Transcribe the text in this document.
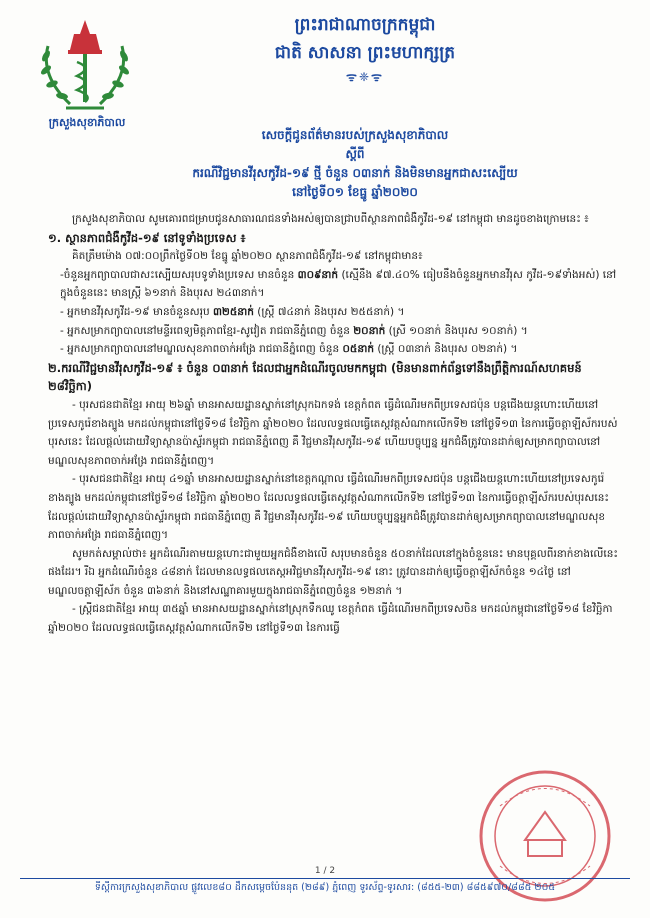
ក្រសួងសុខាភិបាល
ព្រះរាជាណាចក្រកម្ពុជា
ជាតិ សាសនា ព្រះមហាក្សត្រ
ᯤ❈ᯤ
សេចក្ដីជូនព័ត៌មានរបស់ក្រសួងសុខាភិបាល
ស្ដីពី
ករណីវិជ្ជមានវីរុសកូវីដ-១៩ ថ្មី ចំនួន ០៣នាក់ និងមិនមានអ្នកជាសះស្បើយ
នៅថ្ងៃទី០១ ខែធ្នូ ឆ្នាំ២០២០

ក្រសួងសុខាភិបាល សូមគោរពជម្រាបជូនសាធារណជនទាំងអស់ឲ្យបានជ្រាបពីស្ថានភាពជំងឺកូវីដ-១៩ នៅកម្ពុជា មានដូចខាងក្រោមនេះ ៖

១. ស្ថានភាពជំងឺកូវីដ-១៩ នៅទូទាំងប្រទេស ៖

គិតត្រឹមម៉ោង ០៧:០០ព្រឹកថ្ងៃទី០២ ខែធ្នូ ឆ្នាំ២០២០ ស្ថានភាពជំងឺកូវីដ-១៩ នៅកម្ពុជាមាន៖

-ចំនួនអ្នកព្យាបាលជាសះស្បើយសរុបទូទាំងប្រទេស មានចំនួន ៣០៩នាក់ (ស្មើនឹង ៩៧.៤០% ធៀបនឹងចំនួនអ្នកមានវីរុស កូវីដ-១៩ទាំងអស់) នៅក្នុងចំនួននេះ មានស្ត្រី ៦១នាក់ និងបុរស ២៤៣នាក់។

- អ្នកមានវីរុសកូវីដ-១៩ មានចំនួនសរុប ៣២៥នាក់ (ស្ត្រី ៧៤នាក់ និងបុរស ២៥៥នាក់) ។

- អ្នកសម្រាកព្យាបាលនៅមន្ទីរពេទ្យមិត្តភាពខ្មែរ-សូវៀត រាជធានីភ្នំពេញ ចំនួន ២០នាក់ (ស្រី ១០នាក់ និងបុរស ១០នាក់) ។

- អ្នកសម្រាកព្យាបាលនៅមណ្ឌលសុខភាពចាក់អង្រែ រាជធានីភ្នំពេញ ចំនួន ០៥នាក់ (ស្ត្រី ០៣នាក់ និងបុរស ០២នាក់) ។

២.ករណីវិជ្ជមានវីរុសកូវីដ-១៩ ៖ ចំនួន ០៣នាក់ ដែលជាអ្នកដំណើរចូលមកកម្ពុជា (មិនមានពាក់ព័ន្ធទៅនឹងព្រឹត្តិការណ៍សហគមន៍ ២៨វិច្ឆិកា)

- បុរសជនជាតិខ្មែរ អាយុ ២៦ឆ្នាំ មានអាសយដ្ឋានស្នាក់នៅស្រុកឯកទង់ ខេត្តកំពត ធ្វើដំណើរមកពីប្រទេសជប៉ុន បន្តជើងយន្តហោះហើយនៅប្រទេសកូរ៉េខាងត្បូង មកដល់កម្ពុជានៅថ្ងៃទី១៨ ខែវិច្ឆិកា ឆ្នាំ២០២០ ដែលលទ្ធផលធ្វើតេស្តវត្តសំណាកលើកទី២ នៅថ្ងៃទី១៣ នៃការធ្វើចត្តាឡីស័ករបស់បុរសនេះ ដែលផ្ដល់ដោយវិទ្យាស្ថានប៉ាស្ទ័រកម្ពុជា រាជធានីភ្នំពេញ គឺ វិជ្ជមានវីរុសកូវីដ-១៩ ហើយបច្ចុប្បន្ន អ្នកជំងឺត្រូវបានដាក់ឲ្យសម្រាកព្យាបាលនៅមណ្ឌលសុខភាពចាក់អង្រែ រាជធានីភ្នំពេញ។

- បុរសជនជាតិខ្មែរ អាយុ ៤១ឆ្នាំ មានអាសយដ្ឋានស្នាក់នៅខេត្តកណ្ដាល ធ្វើដំណើរមកពីប្រទេសជប៉ុន បន្តជើងយន្តហោះហើយនៅប្រទេសកូរ៉េខាងត្បូង មកដល់កម្ពុជានៅថ្ងៃទី១៨ ខែវិច្ឆិកា ឆ្នាំ២០២០ ដែលលទ្ធផលធ្វើតេស្តវត្តសំណាកលើកទី២ នៅថ្ងៃទី១៣ នៃការធ្វើចត្តាឡីស័ករបស់បុរសនេះ ដែលផ្ដល់ដោយវិទ្យាស្ថានប៉ាស្ទ័រកម្ពុជា រាជធានីភ្នំពេញ គឺ វិជ្ជមានវីរុសកូវីដ-១៩ ហើយបច្ចុប្បន្នអ្នកជំងឺត្រូវបានដាក់ឲ្យសម្រាកព្យាបាលនៅមណ្ឌលសុខភាពចាក់អង្រែ រាជធានីភ្នំពេញ។

សូមកត់សម្គាល់ថា៖ អ្នកដំណើរតាមយន្តហោះជាមួយអ្នកជំងឺខាងលើ សរុបមានចំនួន ៥០នាក់ដែលនៅក្នុងចំនួននេះ មានបុគ្គលពីរនាក់ខាងលើនេះផងដែរ។ រីឯ អ្នកដំណើរចំនួន ៤៨នាក់ ដែលមានលទ្ធផលតេស្តអវិជ្ជមានវីរុសកូវីដ-១៩ នោះ ត្រូវបានដាក់ឲ្យធ្វើចត្តាឡីស័កចំនួន ១៤ថ្ងៃ នៅមណ្ឌលចត្តាឡីស័ក ចំនួន ៣៦នាក់ និងនៅសណ្ឋាគារមួយក្នុងរាជធានីភ្នំពេញចំនួន ១២នាក់ ។

- ស្ត្រីជនជាតិខ្មែរ អាយុ ៣៥ឆ្នាំ មានអាសយដ្ឋានស្នាក់នៅស្រុកទឹកឈូ ខេត្តកំពត ធ្វើដំណើរមកពីប្រទេសចិន មកដល់កម្ពុជានៅថ្ងៃទី១៨ ខែវិច្ឆិកា ឆ្នាំ២០២០ ដែលលទ្ធផលធ្វើតេស្តវត្តសំណាកលើកទី២ នៅថ្ងៃទី១៣ នៃការធ្វើ

1 / 2
ទីស្តីការក្រសួងសុខាភិបាល ផ្លូវលេខ៨០ ដឹកសម្ដេចប៉ែននុត (២៨៩) ភ្នំពេញ ទូរស័ព្ទ-ទូរសារ: (៨៥៥-២៣) ៨៨៥៩៧០/៨៨៥ ២០៥
